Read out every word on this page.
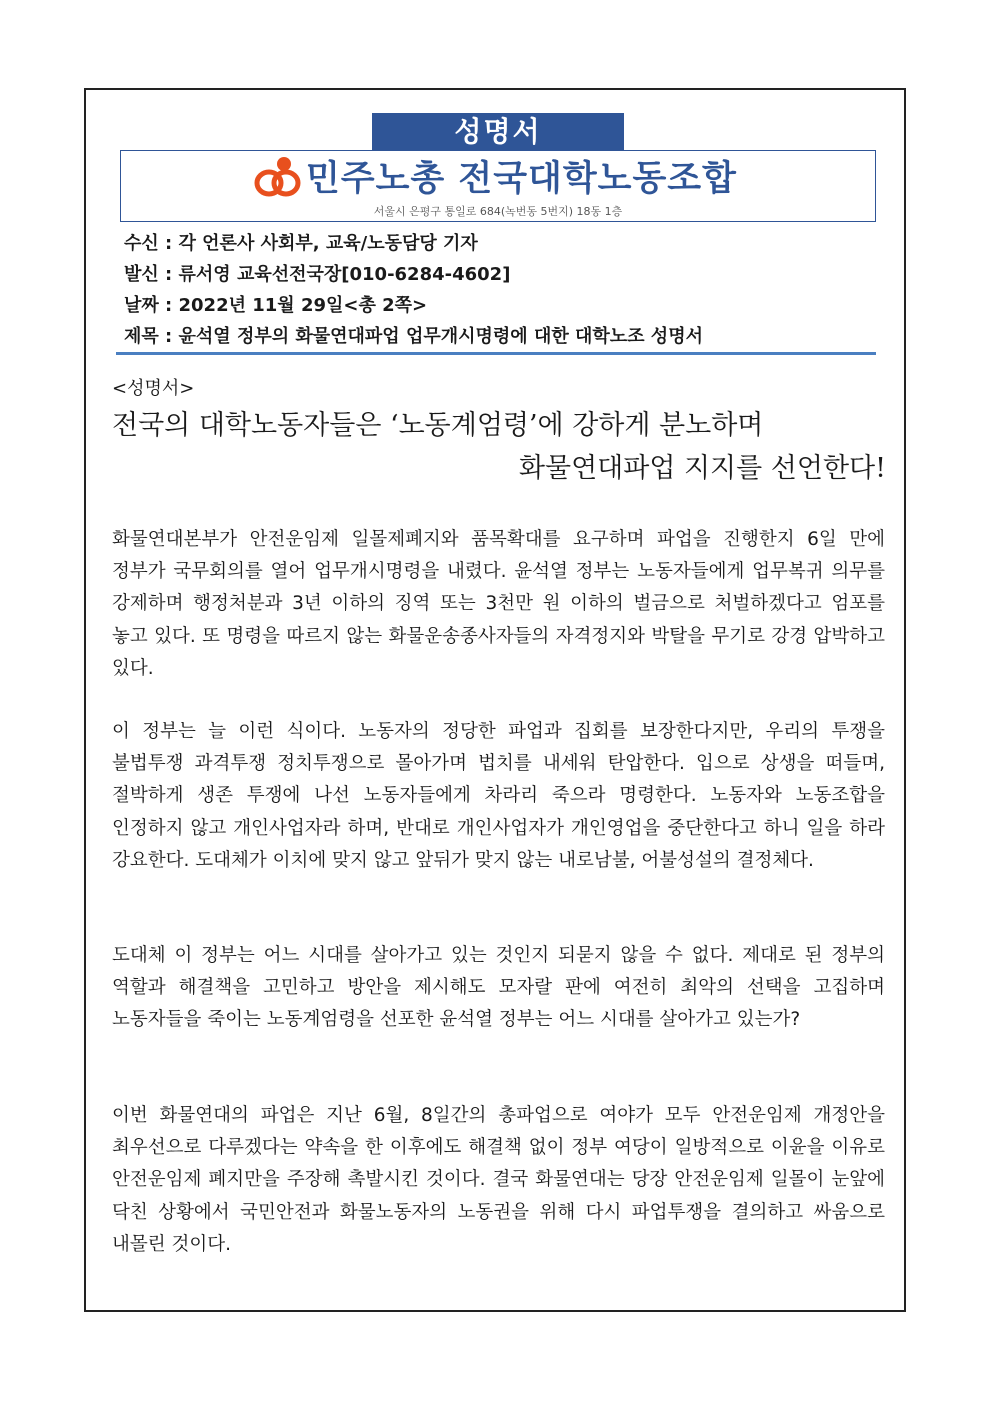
성명서
민주노총 전국대학노동조합
서울시 은평구 통일로 684(녹번동 5번지) 18동 1층
수신 : 각 언론사 사회부, 교육/노동담당 기자
발신 : 류서영 교육선전국장[010-6284-4602]
날짜 : 2022년 11월 29일<총 2쪽>
제목 : 윤석열 정부의 화물연대파업 업무개시명령에 대한 대학노조 성명서
<성명서>
전국의 대학노동자들은 ‘노동계엄령’에 강하게 분노하며
화물연대파업 지지를 선언한다!
화물연대본부가 안전운임제 일몰제폐지와 품목확대를 요구하며 파업을 진행한지 6일 만에 정부가 국무회의를 열어 업무개시명령을 내렸다. 윤석열 정부는 노동자들에게 업무복귀 의무를 강제하며 행정처분과 3년 이하의 징역 또는 3천만 원 이하의 벌금으로 처벌하겠다고 엄포를 놓고 있다. 또 명령을 따르지 않는 화물운송종사자들의 자격정지와 박탈을 무기로 강경 압박하고 있다.
이 정부는 늘 이런 식이다. 노동자의 정당한 파업과 집회를 보장한다지만, 우리의 투쟁을 불법투쟁 과격투쟁 정치투쟁으로 몰아가며 법치를 내세워 탄압한다. 입으로 상생을 떠들며, 절박하게 생존 투쟁에 나선 노동자들에게 차라리 죽으라 명령한다. 노동자와 노동조합을 인정하지 않고 개인사업자라 하며, 반대로 개인사업자가 개인영업을 중단한다고 하니 일을 하라 강요한다. 도대체가 이치에 맞지 않고 앞뒤가 맞지 않는 내로남불, 어불성설의 결정체다.
도대체 이 정부는 어느 시대를 살아가고 있는 것인지 되묻지 않을 수 없다. 제대로 된 정부의 역할과 해결책을 고민하고 방안을 제시해도 모자랄 판에 여전히 최악의 선택을 고집하며 노동자들을 죽이는 노동계엄령을 선포한 윤석열 정부는 어느 시대를 살아가고 있는가?
이번 화물연대의 파업은 지난 6월, 8일간의 총파업으로 여야가 모두 안전운임제 개정안을 최우선으로 다루겠다는 약속을 한 이후에도 해결책 없이 정부 여당이 일방적으로 이윤을 이유로 안전운임제 폐지만을 주장해 촉발시킨 것이다. 결국 화물연대는 당장 안전운임제 일몰이 눈앞에 닥친 상황에서 국민안전과 화물노동자의 노동권을 위해 다시 파업투쟁을 결의하고 싸움으로 내몰린 것이다.
